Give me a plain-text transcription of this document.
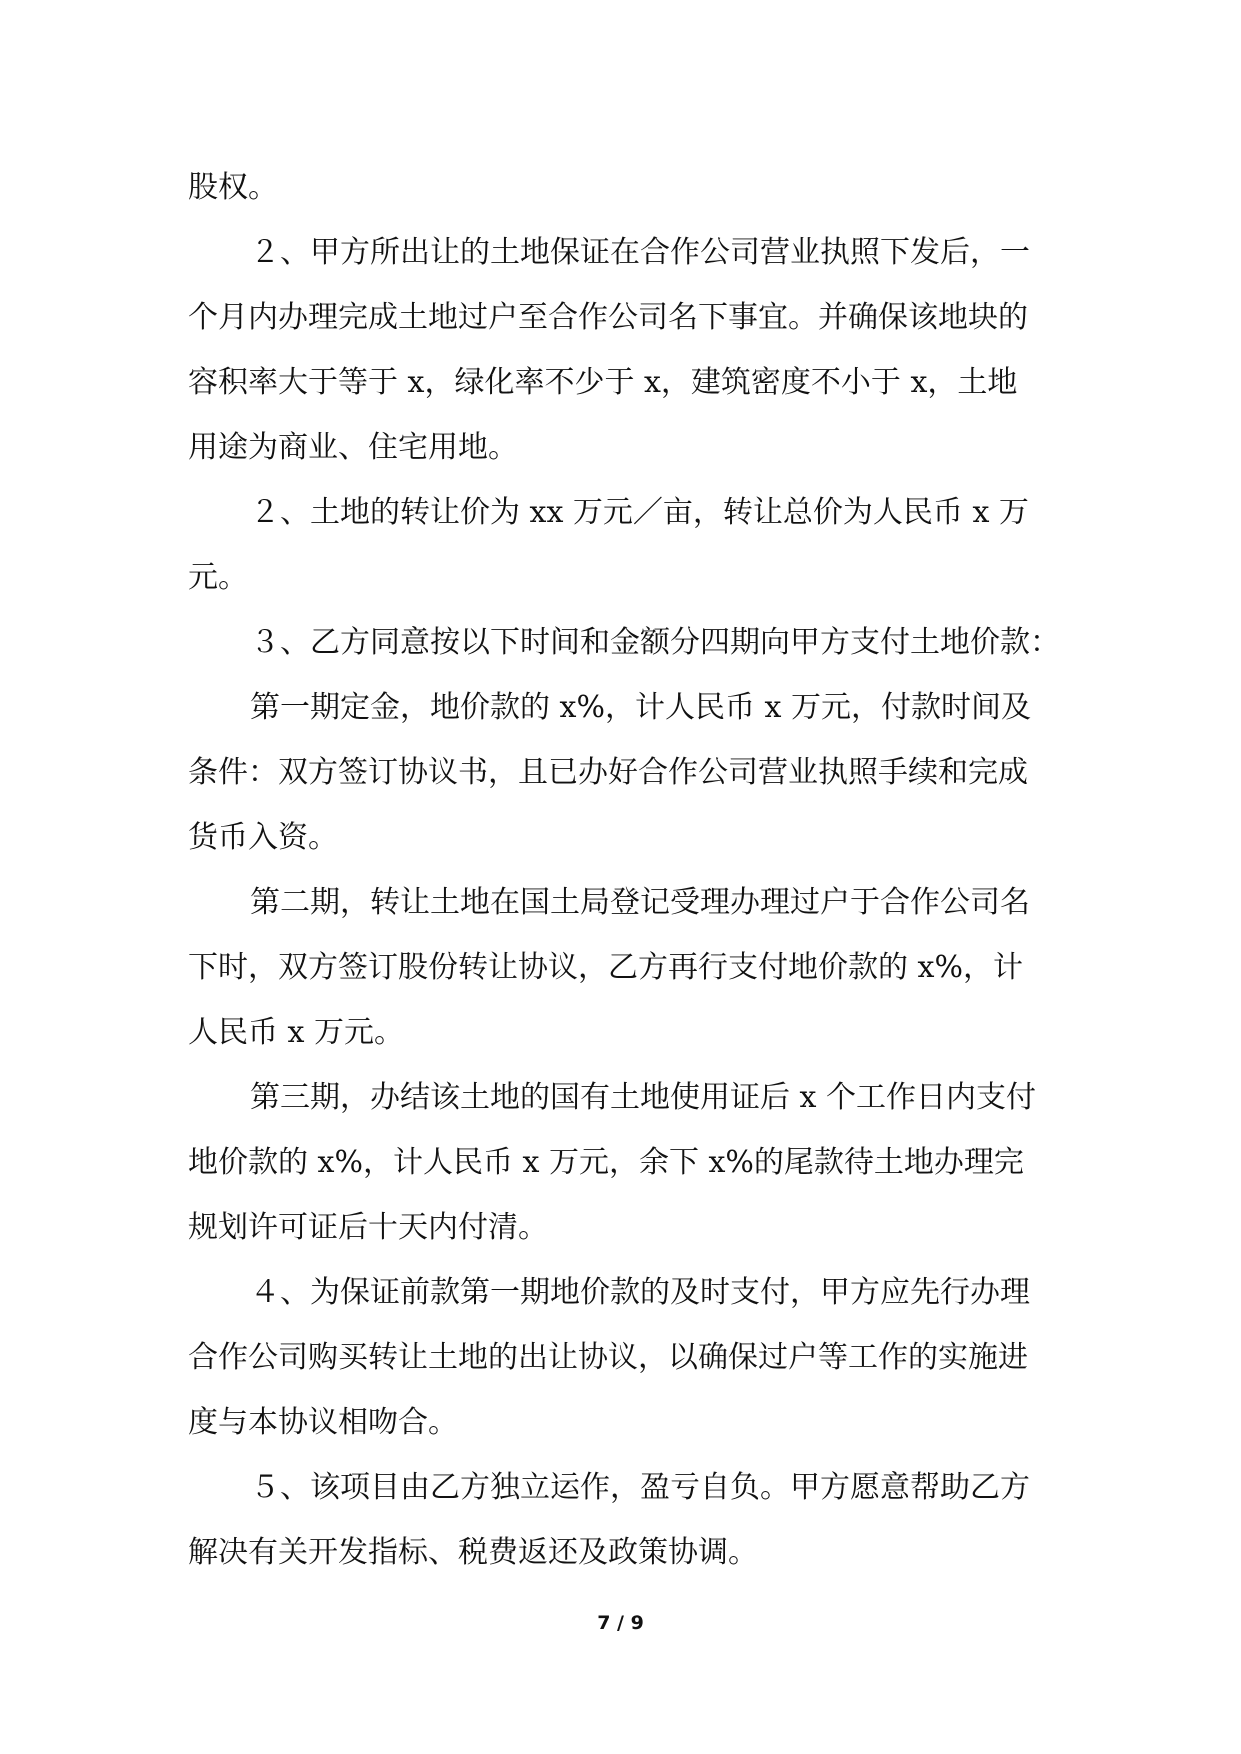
股权。
２、甲方所出让的土地保证在合作公司营业执照下发后，一
个月内办理完成土地过户至合作公司名下事宜。并确保该地块的
容积率大于等于 x，绿化率不少于 x，建筑密度不小于 x，土地
用途为商业、住宅用地。
２、土地的转让价为 xx 万元／亩，转让总价为人民币 x 万
元。
３、乙方同意按以下时间和金额分四期向甲方支付土地价款：
第一期定金，地价款的 x%，计人民币 x 万元，付款时间及
条件：双方签订协议书，且已办好合作公司营业执照手续和完成
货币入资。
第二期，转让土地在国土局登记受理办理过户于合作公司名
下时，双方签订股份转让协议，乙方再行支付地价款的 x%，计
人民币 x 万元。
第三期，办结该土地的国有土地使用证后 x 个工作日内支付
地价款的 x%，计人民币 x 万元，余下 x%的尾款待土地办理完
规划许可证后十天内付清。
４、为保证前款第一期地价款的及时支付，甲方应先行办理
合作公司购买转让土地的出让协议，以确保过户等工作的实施进
度与本协议相吻合。
５、该项目由乙方独立运作，盈亏自负。甲方愿意帮助乙方
解决有关开发指标、税费返还及政策协调。
7 / 9
